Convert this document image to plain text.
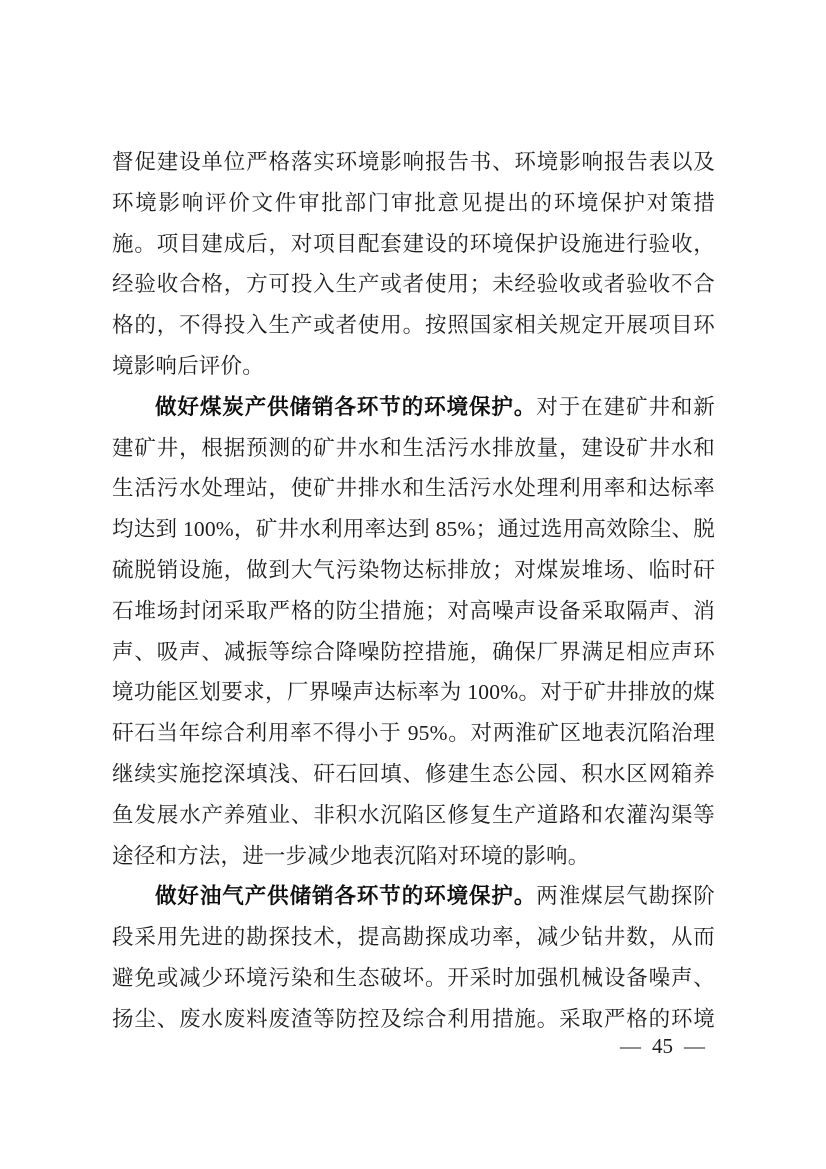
督促建设单位严格落实环境影响报告书、环境影响报告表以及
环境影响评价文件审批部门审批意见提出的环境保护对策措
施。项目建成后，对项目配套建设的环境保护设施进行验收，
经验收合格，方可投入生产或者使用；未经验收或者验收不合
格的，不得投入生产或者使用。按照国家相关规定开展项目环
境影响后评价。
做好煤炭产供储销各环节的环境保护。对于在建矿井和新
建矿井，根据预测的矿井水和生活污水排放量，建设矿井水和
生活污水处理站，使矿井排水和生活污水处理利用率和达标率
均达到 100%，矿井水利用率达到 85%；通过选用高效除尘、脱
硫脱销设施，做到大气污染物达标排放；对煤炭堆场、临时矸
石堆场封闭采取严格的防尘措施；对高噪声设备采取隔声、消
声、吸声、减振等综合降噪防控措施，确保厂界满足相应声环
境功能区划要求，厂界噪声达标率为 100%。对于矿井排放的煤
矸石当年综合利用率不得小于 95%。对两淮矿区地表沉陷治理
继续实施挖深填浅、矸石回填、修建生态公园、积水区网箱养
鱼发展水产养殖业、非积水沉陷区修复生产道路和农灌沟渠等
途径和方法，进一步减少地表沉陷对环境的影响。
做好油气产供储销各环节的环境保护。两淮煤层气勘探阶
段采用先进的勘探技术，提高勘探成功率，减少钻井数，从而
避免或减少环境污染和生态破坏。开采时加强机械设备噪声、
扬尘、废水废料废渣等防控及综合利用措施。采取严格的环境
— 45 —
